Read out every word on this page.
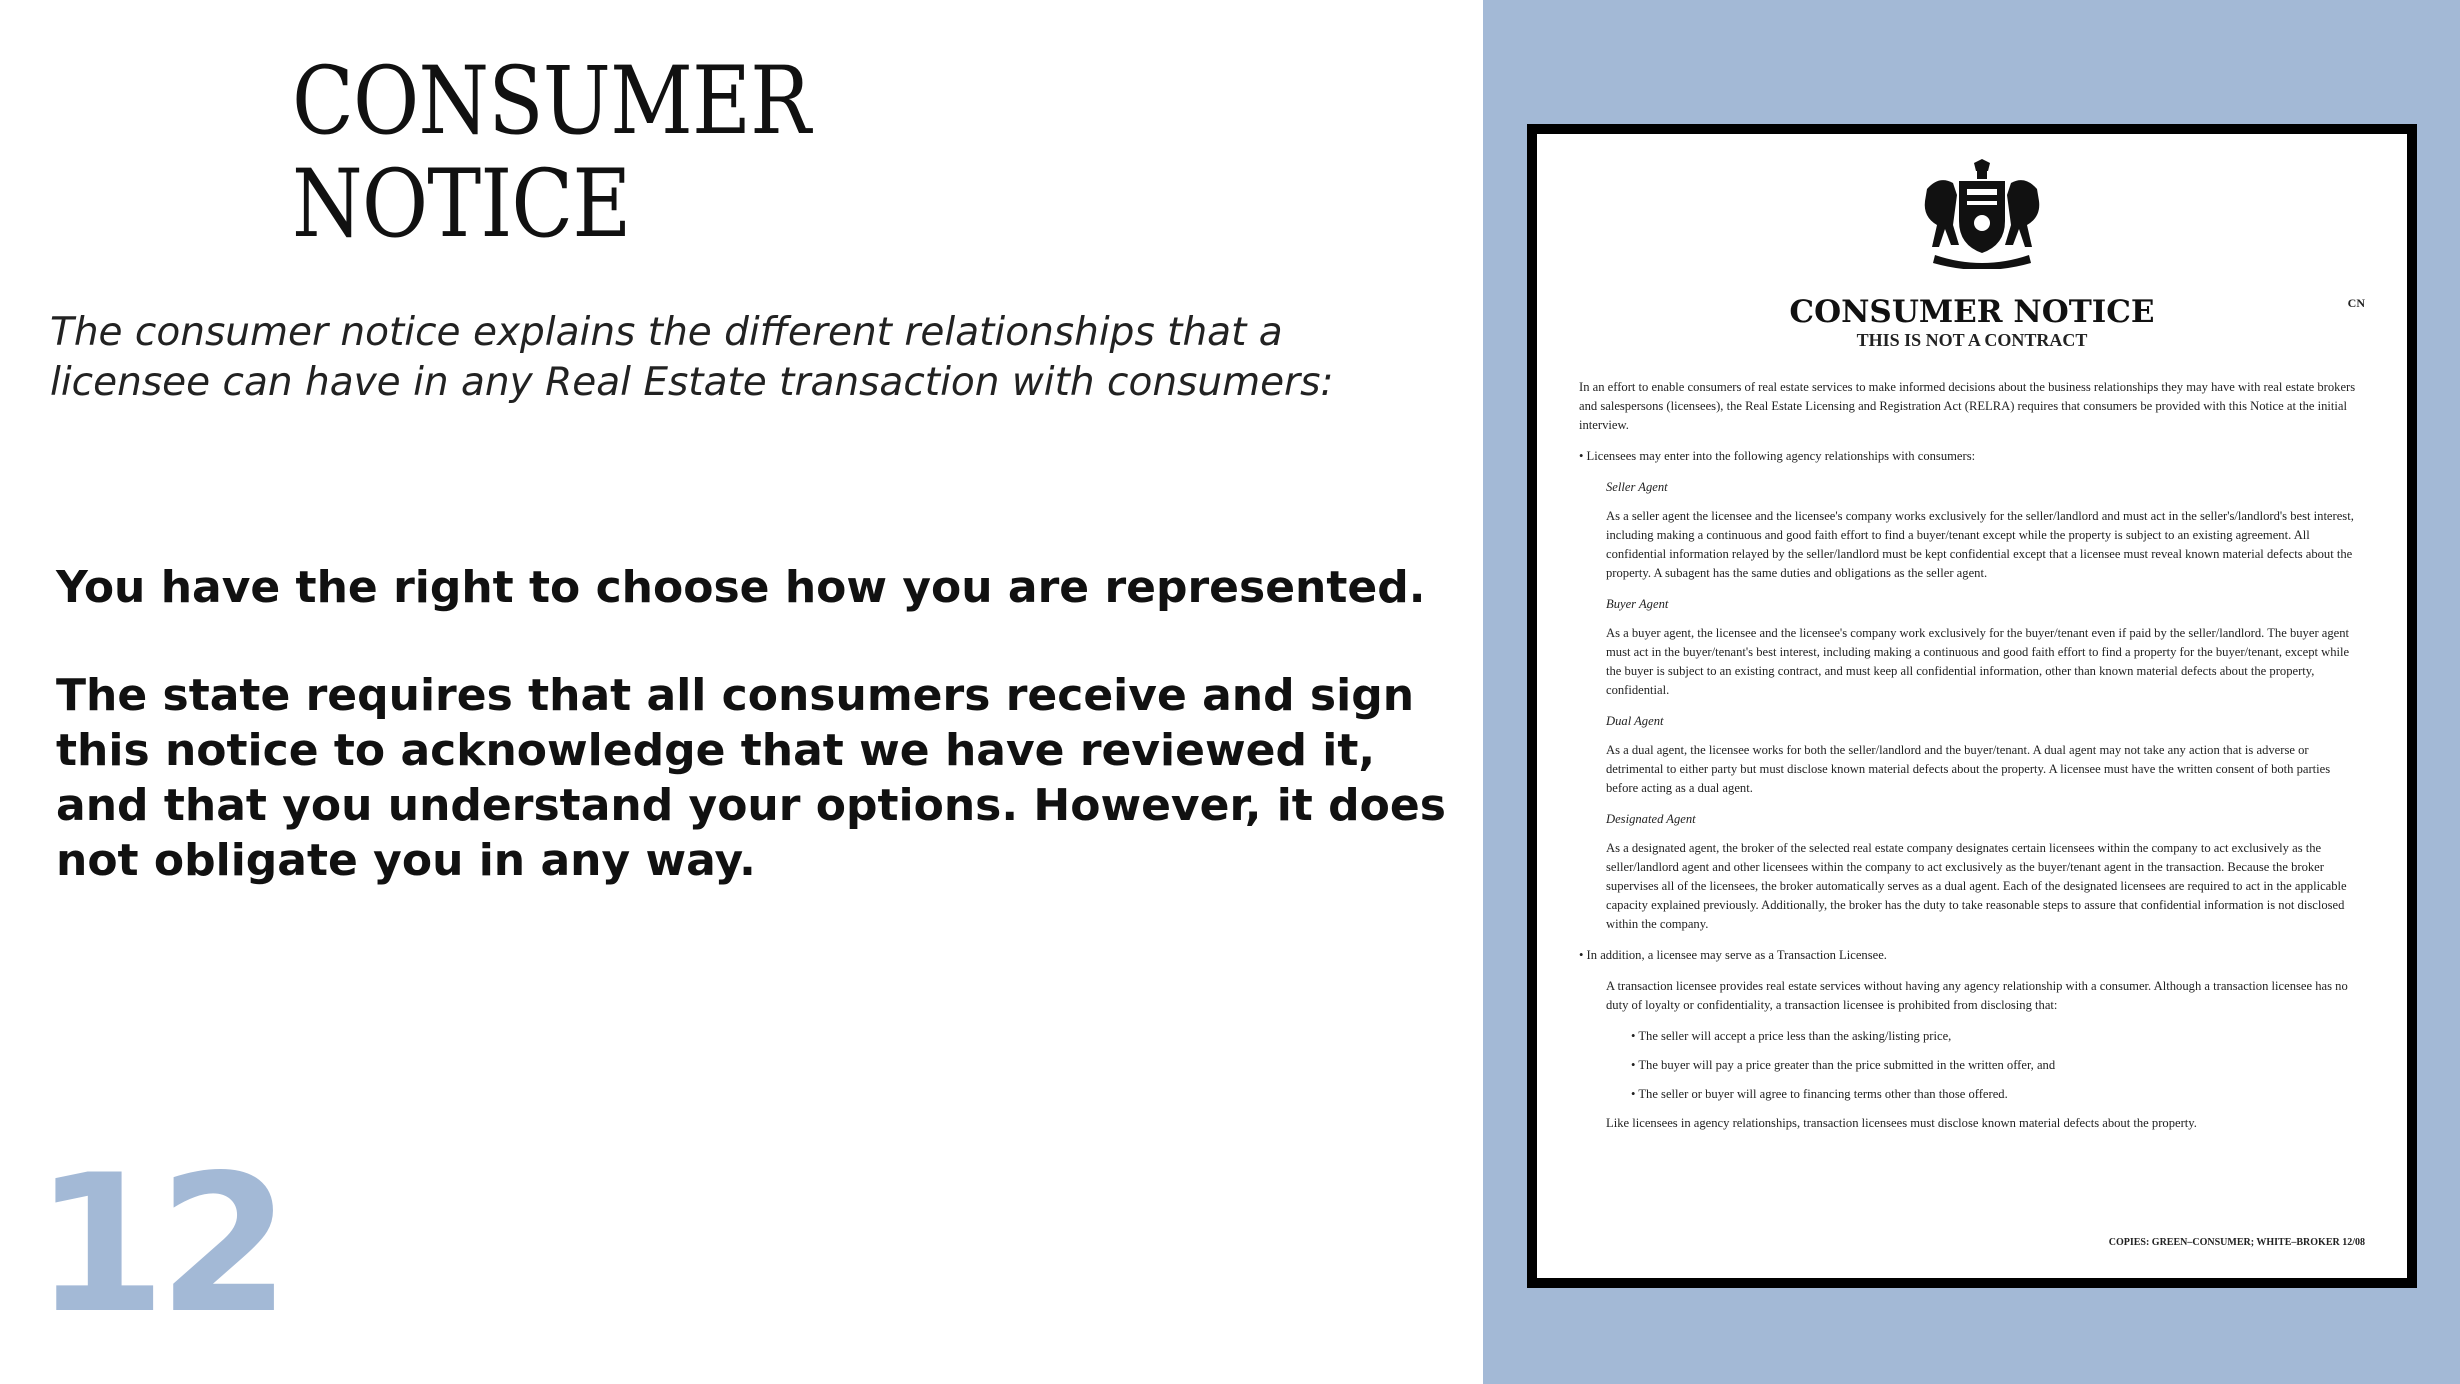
CONSUMER NOTICE

The consumer notice explains the different relationships that a licensee can have in any Real Estate transaction with consumers:

You have the right to choose how you are represented.

The state requires that all consumers receive and sign this notice to acknowledge that we have reviewed it, and that you understand your options. However, it does not obligate you in any way.

12
CONSUMER NOTICE
THIS IS NOT A CONTRACT
CN

In an effort to enable consumers of real estate services to make informed decisions about the business relationships they may have with real estate brokers and salespersons (licensees), the Real Estate Licensing and Registration Act (RELRA) requires that consumers be provided with this Notice at the initial interview.

• Licensees may enter into the following agency relationships with consumers:

Seller Agent

As a seller agent the licensee and the licensee's company works exclusively for the seller/landlord and must act in the seller's/landlord's best interest, including making a continuous and good faith effort to find a buyer/tenant except while the property is subject to an existing agreement. All confidential information relayed by the seller/landlord must be kept confidential except that a licensee must reveal known material defects about the property. A subagent has the same duties and obligations as the seller agent.

Buyer Agent

As a buyer agent, the licensee and the licensee's company work exclusively for the buyer/tenant even if paid by the seller/landlord. The buyer agent must act in the buyer/tenant's best interest, including making a continuous and good faith effort to find a property for the buyer/tenant, except while the buyer is subject to an existing contract, and must keep all confidential information, other than known material defects about the property, confidential.

Dual Agent

As a dual agent, the licensee works for both the seller/landlord and the buyer/tenant. A dual agent may not take any action that is adverse or detrimental to either party but must disclose known material defects about the property. A licensee must have the written consent of both parties before acting as a dual agent.

Designated Agent

As a designated agent, the broker of the selected real estate company designates certain licensees within the company to act exclusively as the seller/landlord agent and other licensees within the company to act exclusively as the buyer/tenant agent in the transaction. Because the broker supervises all of the licensees, the broker automatically serves as a dual agent. Each of the designated licensees are required to act in the applicable capacity explained previously. Additionally, the broker has the duty to take reasonable steps to assure that confidential information is not disclosed within the company.

• In addition, a licensee may serve as a Transaction Licensee.

A transaction licensee provides real estate services without having any agency relationship with a consumer. Although a transaction licensee has no duty of loyalty or confidentiality, a transaction licensee is prohibited from disclosing that:

• The seller will accept a price less than the asking/listing price,

• The buyer will pay a price greater than the price submitted in the written offer, and

• The seller or buyer will agree to financing terms other than those offered.

Like licensees in agency relationships, transaction licensees must disclose known material defects about the property.

COPIES: GREEN–CONSUMER; WHITE–BROKER 12/08
